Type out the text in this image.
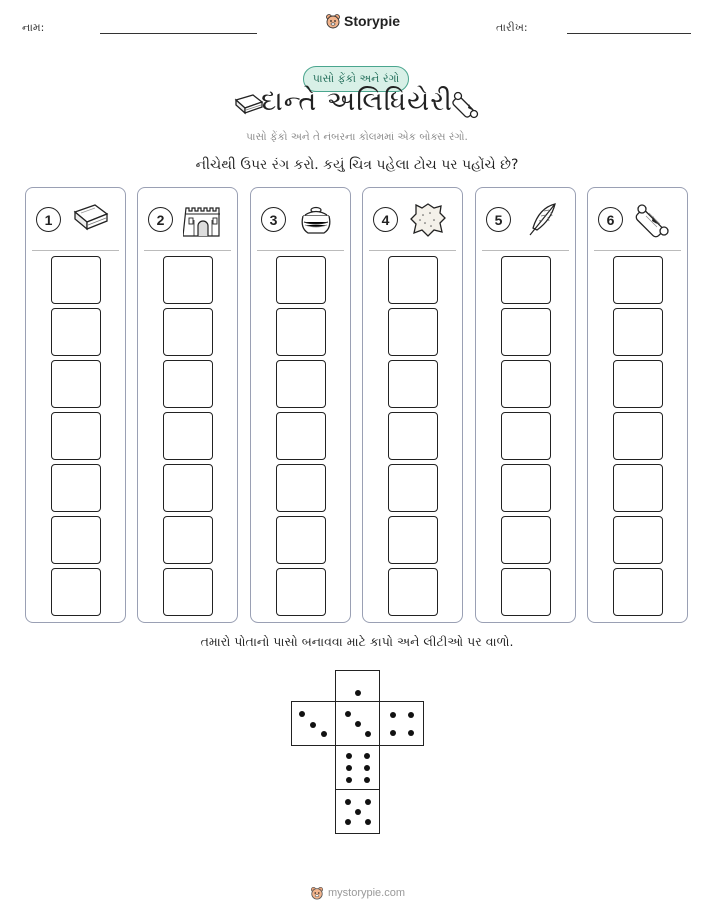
નામ:	Storypie	તારીખ:
પાસો ફેંકો અને રંગો
દાન્તે અલિધિયેરી
પાસો ફેંકો અને તે નંબરના કોલમમાં એક બોક્સ રંગો.
નીચેથી ઉપર રંગ કરો. કયું ચિત્ર પહેલા ટોચ પર પહોંચે છે?
1	2	3	4	5	6
તમારો પોતાનો પાસો બનાવવા માટે કાપો અને લીટીઓ પર વાળો.
mystorypie.com
